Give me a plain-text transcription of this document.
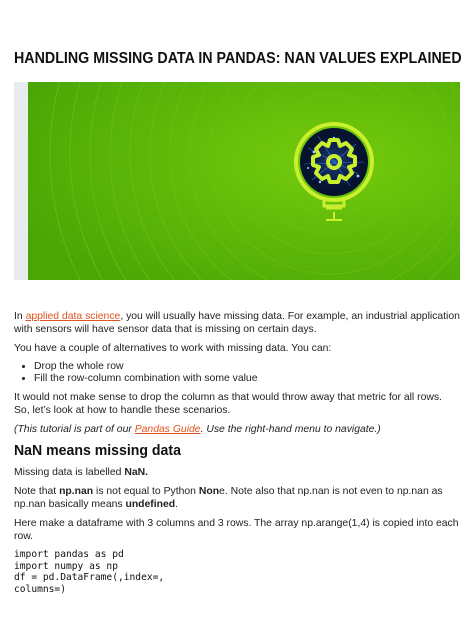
HANDLING MISSING DATA IN PANDAS: NAN VALUES EXPLAINED

In applied data science, you will usually have missing data. For example, an industrial application with sensors will have sensor data that is missing on certain days.

You have a couple of alternatives to work with missing data. You can:

• Drop the whole row
• Fill the row-column combination with some value

It would not make sense to drop the column as that would throw away that metric for all rows. So, let’s look at how to handle these scenarios.

(This tutorial is part of our Pandas Guide. Use the right-hand menu to navigate.)

NaN means missing data

Missing data is labelled NaN.

Note that np.nan is not equal to Python None. Note also that np.nan is not even to np.nan as np.nan basically means undefined.

Here make a dataframe with 3 columns and 3 rows. The array np.arange(1,4) is copied into each row.

import pandas as pd
import numpy as np
df = pd.DataFrame(,index=,
columns=)
